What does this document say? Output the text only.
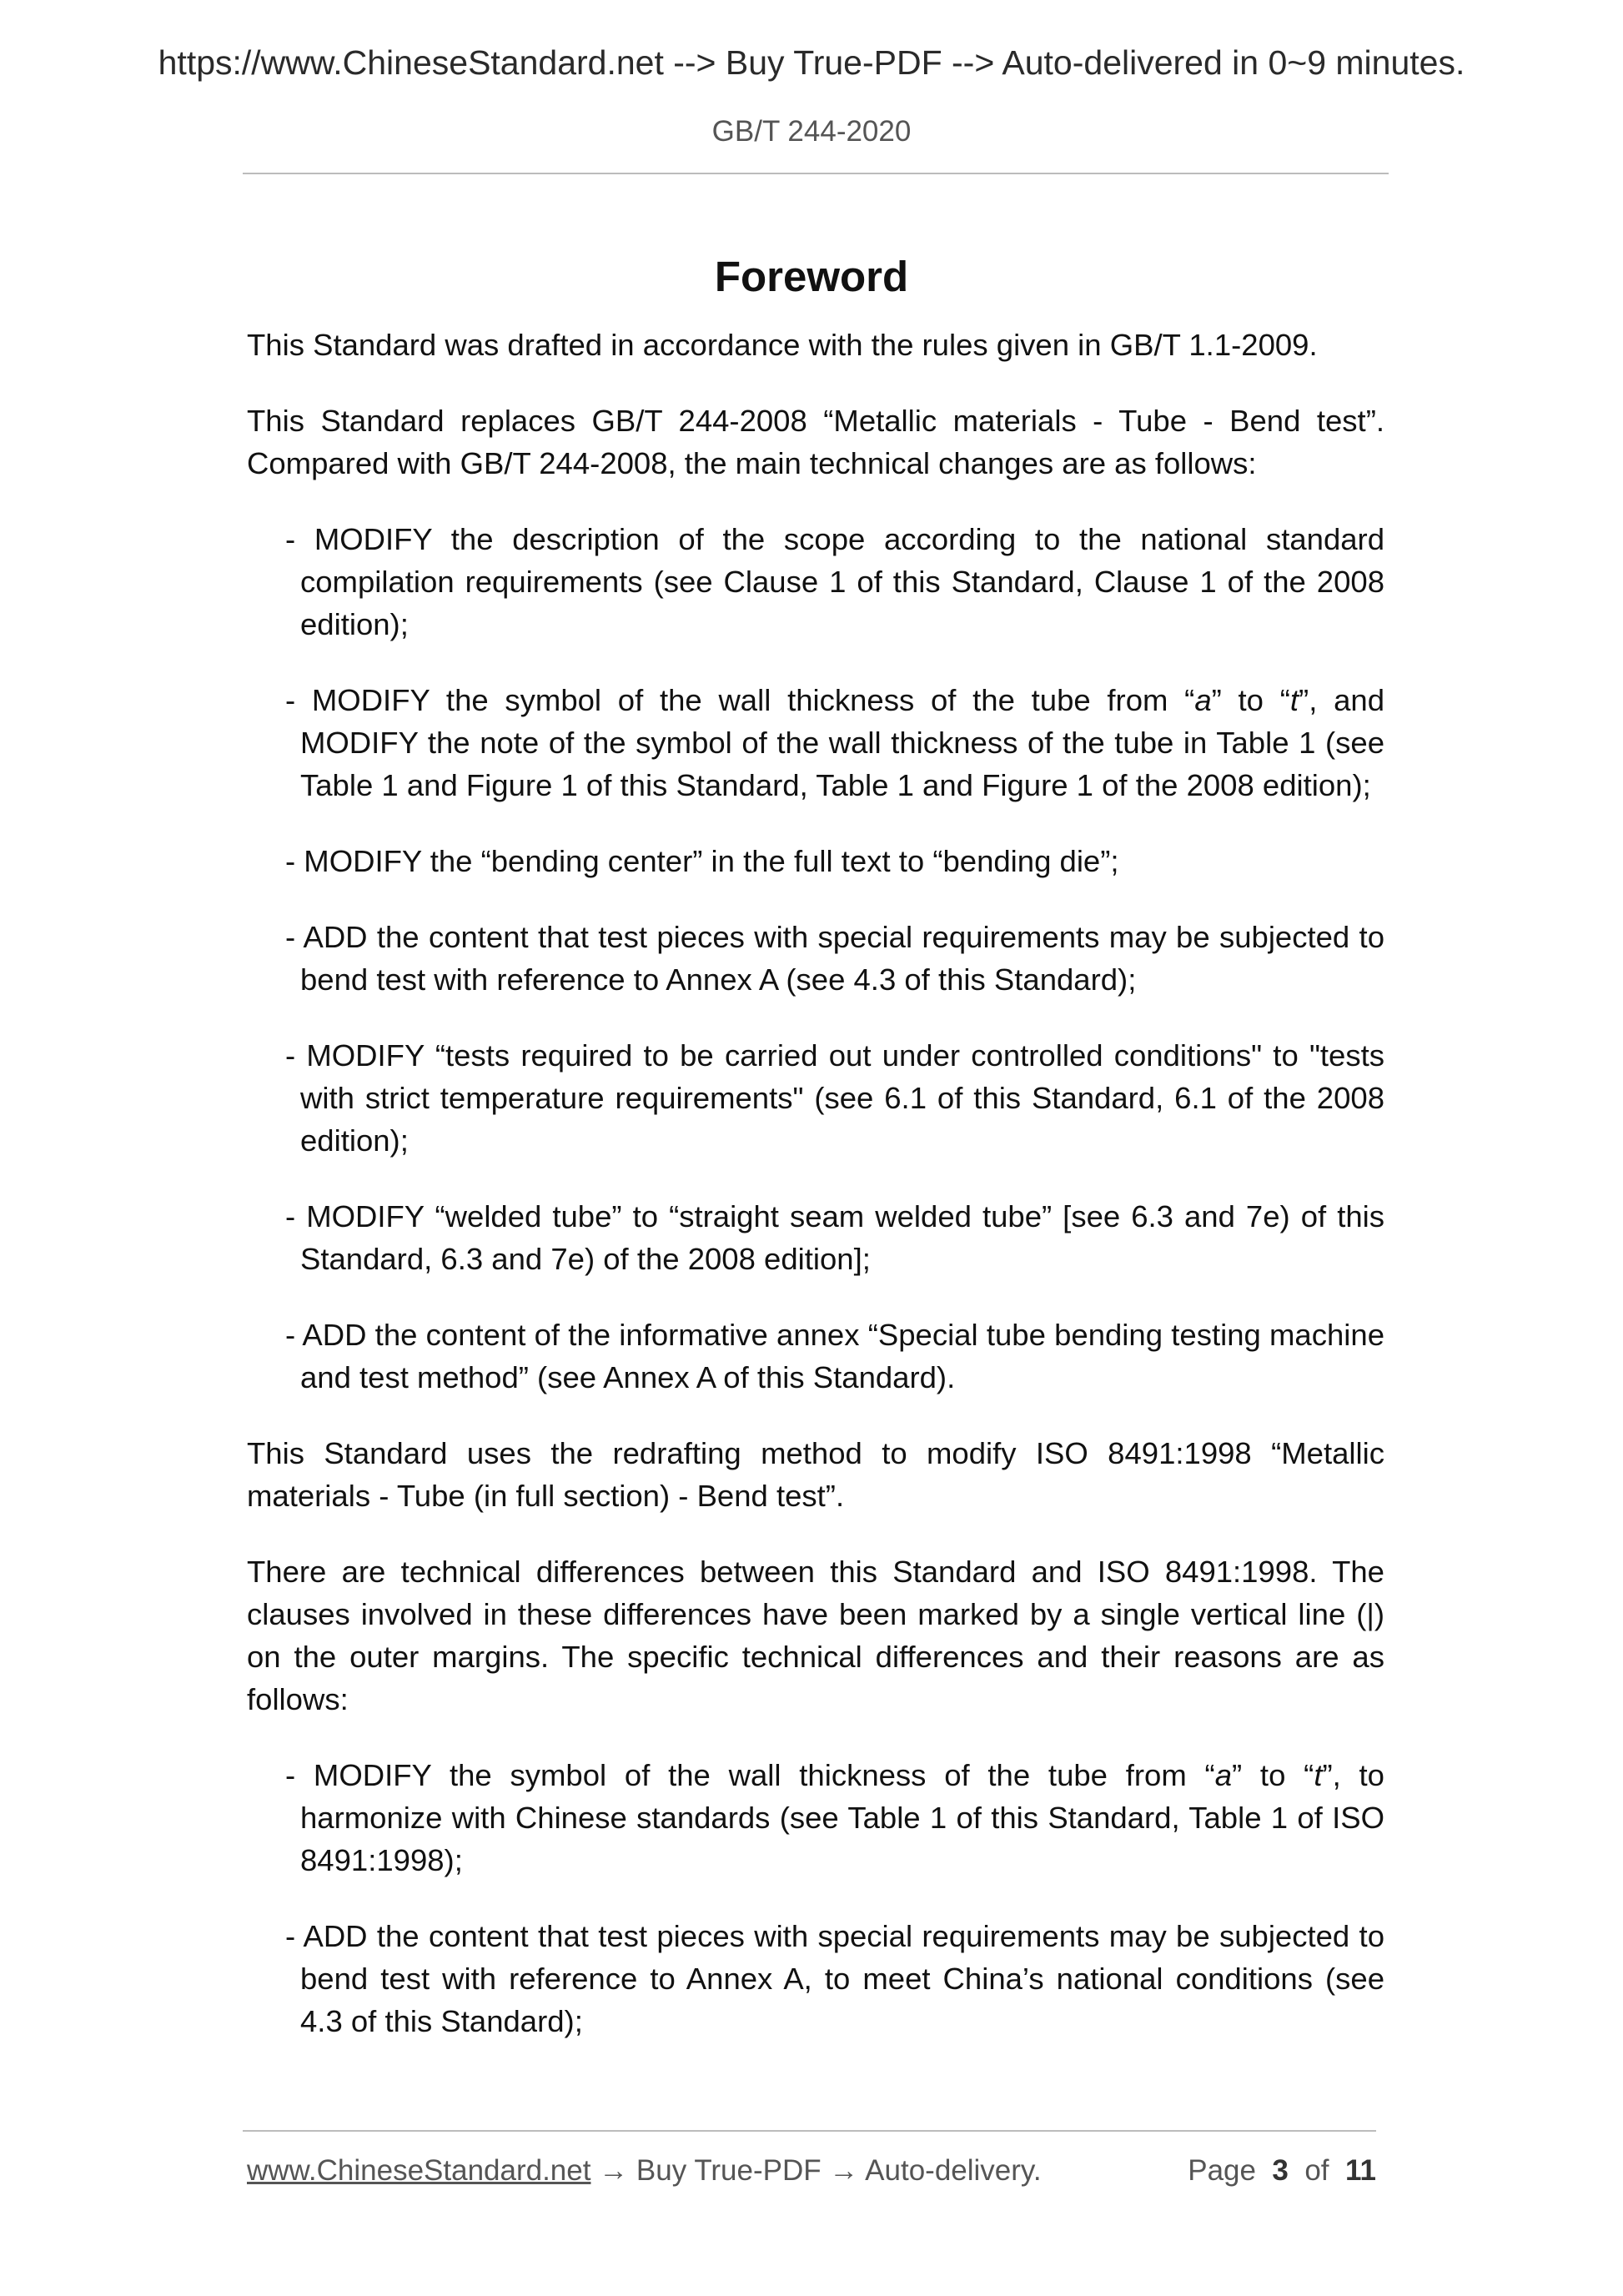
https://www.ChineseStandard.net --> Buy True-PDF --> Auto-delivered in 0~9 minutes.
GB/T 244-2020
Foreword

This Standard was drafted in accordance with the rules given in GB/T 1.1-2009.

This Standard replaces GB/T 244-2008 “Metallic materials - Tube - Bend test”. Compared with GB/T 244-2008, the main technical changes are as follows:

- MODIFY the description of the scope according to the national standard compilation requirements (see Clause 1 of this Standard, Clause 1 of the 2008 edition);
- MODIFY the symbol of the wall thickness of the tube from “a” to “t”, and MODIFY the note of the symbol of the wall thickness of the tube in Table 1 (see Table 1 and Figure 1 of this Standard, Table 1 and Figure 1 of the 2008 edition);
- MODIFY the “bending center” in the full text to “bending die”;
- ADD the content that test pieces with special requirements may be subjected to bend test with reference to Annex A (see 4.3 of this Standard);
- MODIFY “tests required to be carried out under controlled conditions" to "tests with strict temperature requirements" (see 6.1 of this Standard, 6.1 of the 2008 edition);
- MODIFY “welded tube” to “straight seam welded tube” [see 6.3 and 7e) of this Standard, 6.3 and 7e) of the 2008 edition];
- ADD the content of the informative annex “Special tube bending testing machine and test method” (see Annex A of this Standard).

This Standard uses the redrafting method to modify ISO 8491:1998 “Metallic materials - Tube (in full section) - Bend test”.

There are technical differences between this Standard and ISO 8491:1998. The clauses involved in these differences have been marked by a single vertical line (|) on the outer margins. The specific technical differences and their reasons are as follows:

- MODIFY the symbol of the wall thickness of the tube from “a” to “t”, to harmonize with Chinese standards (see Table 1 of this Standard, Table 1 of ISO 8491:1998);
- ADD the content that test pieces with special requirements may be subjected to bend test with reference to Annex A, to meet China’s national conditions (see 4.3 of this Standard);
www.ChineseStandard.net → Buy True-PDF → Auto-delivery.	Page 3 of 11
